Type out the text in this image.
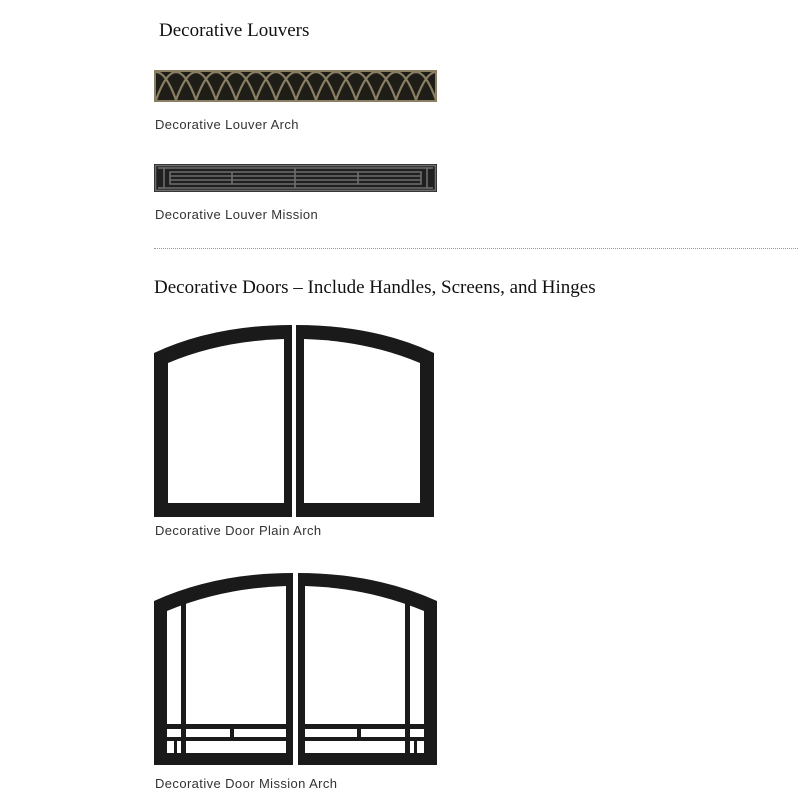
Decorative Louvers
Decorative Louver Arch
Decorative Louver Mission
Decorative Doors – Include Handles, Screens, and Hinges
Decorative Door Plain Arch
Decorative Door Mission Arch
